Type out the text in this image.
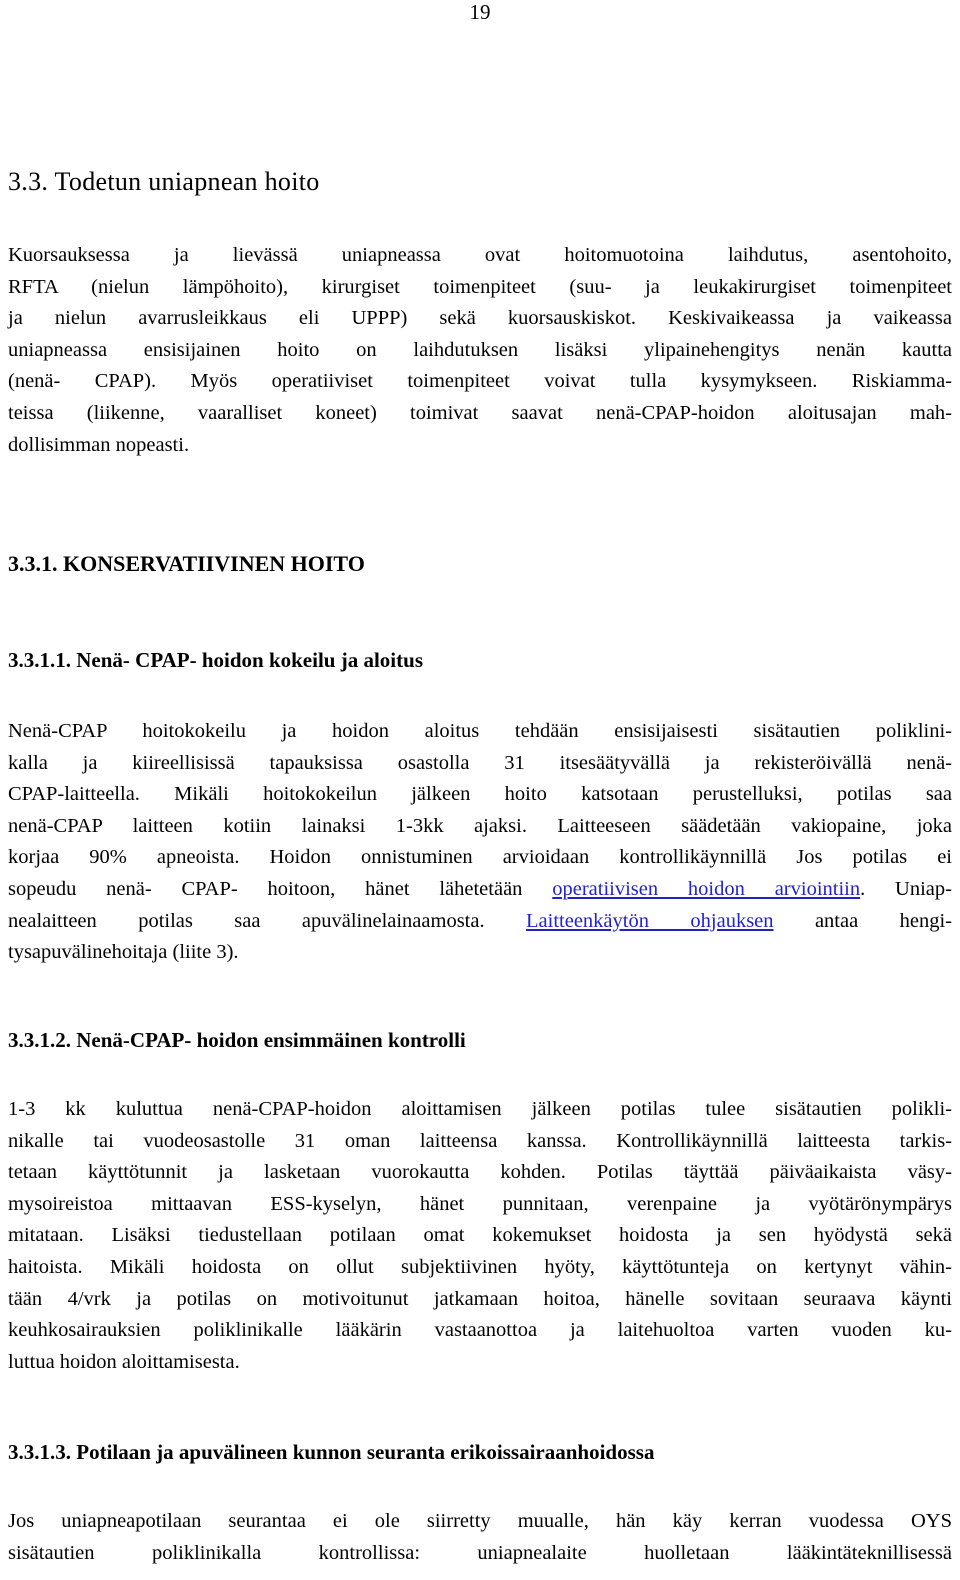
19
3.3. Todetun uniapnean hoito
Kuorsauksessa ja lievässä uniapneassa ovat hoitomuotoina laihdutus, asentohoito,
RFTA (nielun lämpöhoito), kirurgiset toimenpiteet (suu- ja leukakirurgiset toimenpiteet
ja nielun avarrusleikkaus eli UPPP) sekä kuorsauskiskot. Keskivaikeassa ja vaikeassa
uniapneassa ensisijainen hoito on laihdutuksen lisäksi ylipainehengitys nenän kautta
(nenä- CPAP). Myös operatiiviset toimenpiteet voivat tulla kysymykseen. Riskiamma-
teissa (liikenne, vaaralliset koneet) toimivat saavat nenä-CPAP-hoidon aloitusajan mah-
dollisimman nopeasti.
3.3.1. KONSERVATIIVINEN HOITO
3.3.1.1. Nenä- CPAP- hoidon kokeilu ja aloitus
Nenä-CPAP hoitokokeilu ja hoidon aloitus tehdään ensisijaisesti sisätautien poliklini-
kalla ja kiireellisissä tapauksissa osastolla 31 itsesäätyvällä ja rekisteröivällä nenä-
CPAP-laitteella. Mikäli hoitokokeilun jälkeen hoito katsotaan perustelluksi, potilas saa
nenä-CPAP laitteen kotiin lainaksi 1-3kk ajaksi. Laitteeseen säädetään vakiopaine, joka
korjaa 90% apneoista. Hoidon onnistuminen arvioidaan kontrollikäynnillä Jos potilas ei
sopeudu nenä- CPAP- hoitoon, hänet lähetetään operatiivisen hoidon arviointiin. Uniap-
nealaitteen potilas saa apuvälinelainaamosta. Laitteenkäytön ohjauksen antaa hengi-
tysapuvälinehoitaja (liite 3).
3.3.1.2. Nenä-CPAP- hoidon ensimmäinen kontrolli
1-3 kk kuluttua nenä-CPAP-hoidon aloittamisen jälkeen potilas tulee sisätautien polikli-
nikalle tai vuodeosastolle 31 oman laitteensa kanssa. Kontrollikäynnillä laitteesta tarkis-
tetaan käyttötunnit ja lasketaan vuorokautta kohden. Potilas täyttää päiväaikaista väsy-
mysoireistoa mittaavan ESS-kyselyn, hänet punnitaan, verenpaine ja vyötärönympärys
mitataan. Lisäksi tiedustellaan potilaan omat kokemukset hoidosta ja sen hyödystä sekä
haitoista. Mikäli hoidosta on ollut subjektiivinen hyöty, käyttötunteja on kertynyt vähin-
tään 4/vrk ja potilas on motivoitunut jatkamaan hoitoa, hänelle sovitaan seuraava käynti
keuhkosairauksien poliklinikalle lääkärin vastaanottoa ja laitehuoltoa varten vuoden ku-
luttua hoidon aloittamisesta.
3.3.1.3. Potilaan ja apuvälineen kunnon seuranta erikoissairaanhoidossa
Jos uniapneapotilaan seurantaa ei ole siirretty muualle, hän käy kerran vuodessa OYS
sisätautien poliklinikalla kontrollissa: uniapnealaite huolletaan lääkintäteknillisessä
